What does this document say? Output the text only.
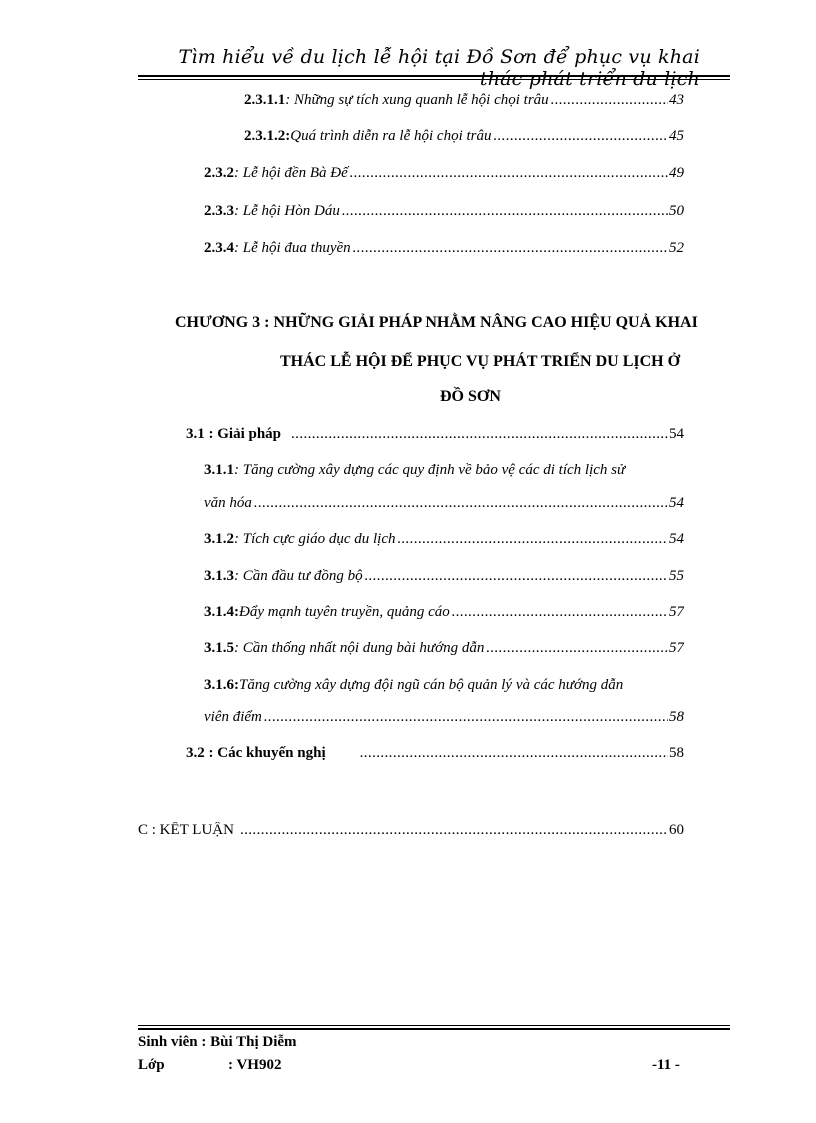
Tìm hiểu về du lịch lễ hội tại Đồ Sơn để phục vụ khai
2.3.1.1 : Những sự tích xung quanh lễ hội chọi trâu .....	43
2.3.1.2: Quá trình diễn ra lễ hội chọi trâu .....	45
2.3.2 : Lễ hội đền Bà Đế .....	49
2.3.3 : Lễ hội Hòn Dáu .....	50
2.3.4 : Lễ hội đua thuyền .....	52
CHƯƠNG 3 : NHỮNG GIẢI PHÁP NHẰM NÂNG CAO HIỆU QUẢ KHAI
THÁC LỄ HỘI ĐỂ PHỤC VỤ PHÁT TRIỂN DU LỊCH Ở
ĐỒ SƠN
3.1 : Giải pháp .....	54
3.1.1 : Tăng cường xây dựng các quy định về bảo vệ các di tích lịch sử
văn hóa .....	54
3.1.2 : Tích cực giáo dục du lịch .....	54
3.1.3 : Cần đầu tư đồng bộ .....	55
3.1.4: Đẩy mạnh tuyên truyền, quảng cáo .....	57
3.1.5 : Cần thống nhất nội dung bài hướng dẫn .....	57
3.1.6: Tăng cường xây dựng đội ngũ cán bộ quản lý và các hướng dẫn
viên điểm .....	58
3.2 : Các khuyến nghị .....	58
C : KẾT LUẬN .....	60
Sinh viên : Bùi Thị Diễm
Lớp	: VH902	-11 -
